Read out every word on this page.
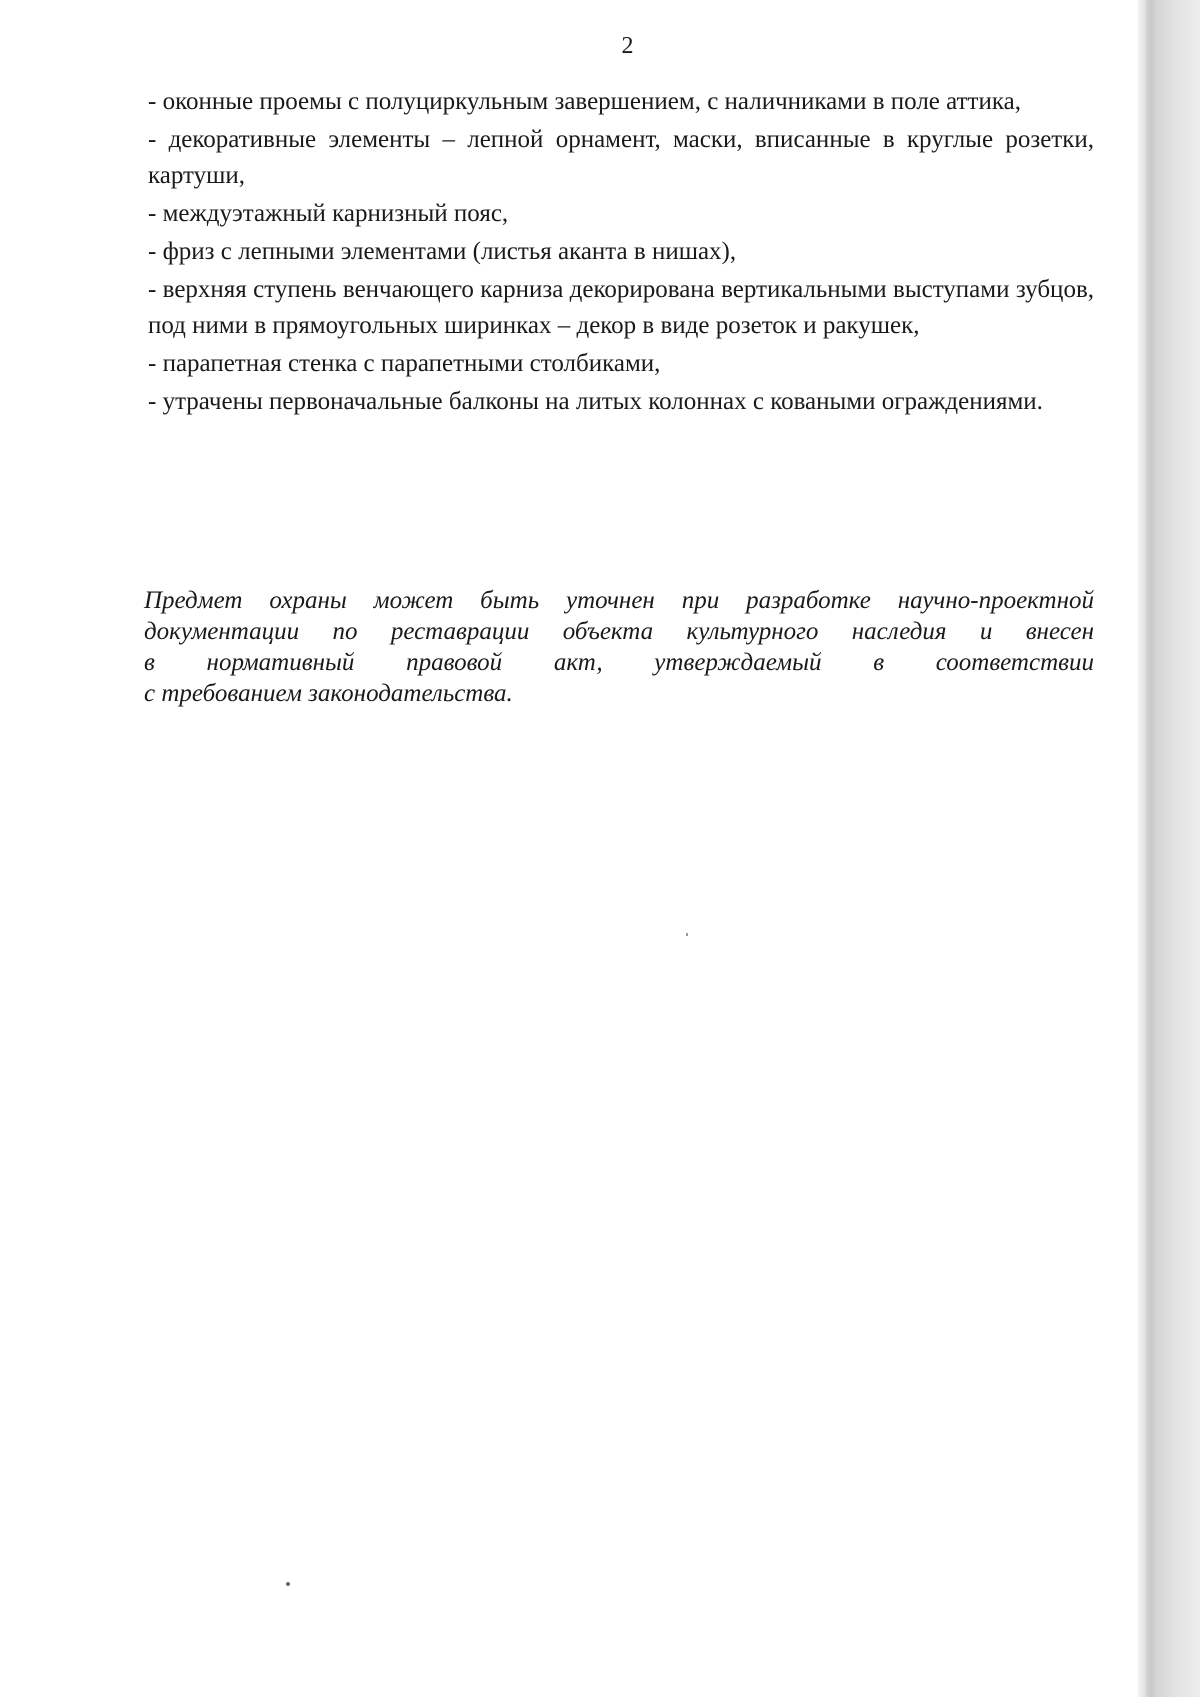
2

- оконные проемы с полуциркульным завершением, с наличниками в поле аттика,

- декоративные элементы – лепной орнамент, маски, вписанные в круглые розетки, картуши,

- междуэтажный карнизный пояс,

- фриз с лепными элементами (листья аканта в нишах),

- верхняя ступень венчающего карниза декорирована вертикальными выступами зубцов, под ними в прямоугольных ширинках – декор в виде розеток и ракушек,

- парапетная стенка с парапетными столбиками,

- утрачены первоначальные балконы на литых колоннах с коваными ограждениями.

Предмет охраны может быть уточнен при разработке научно-проектной
документации по реставрации объекта культурного наследия и внесен
в нормативный правовой акт, утверждаемый в соответствии
с требованием законодательства.
